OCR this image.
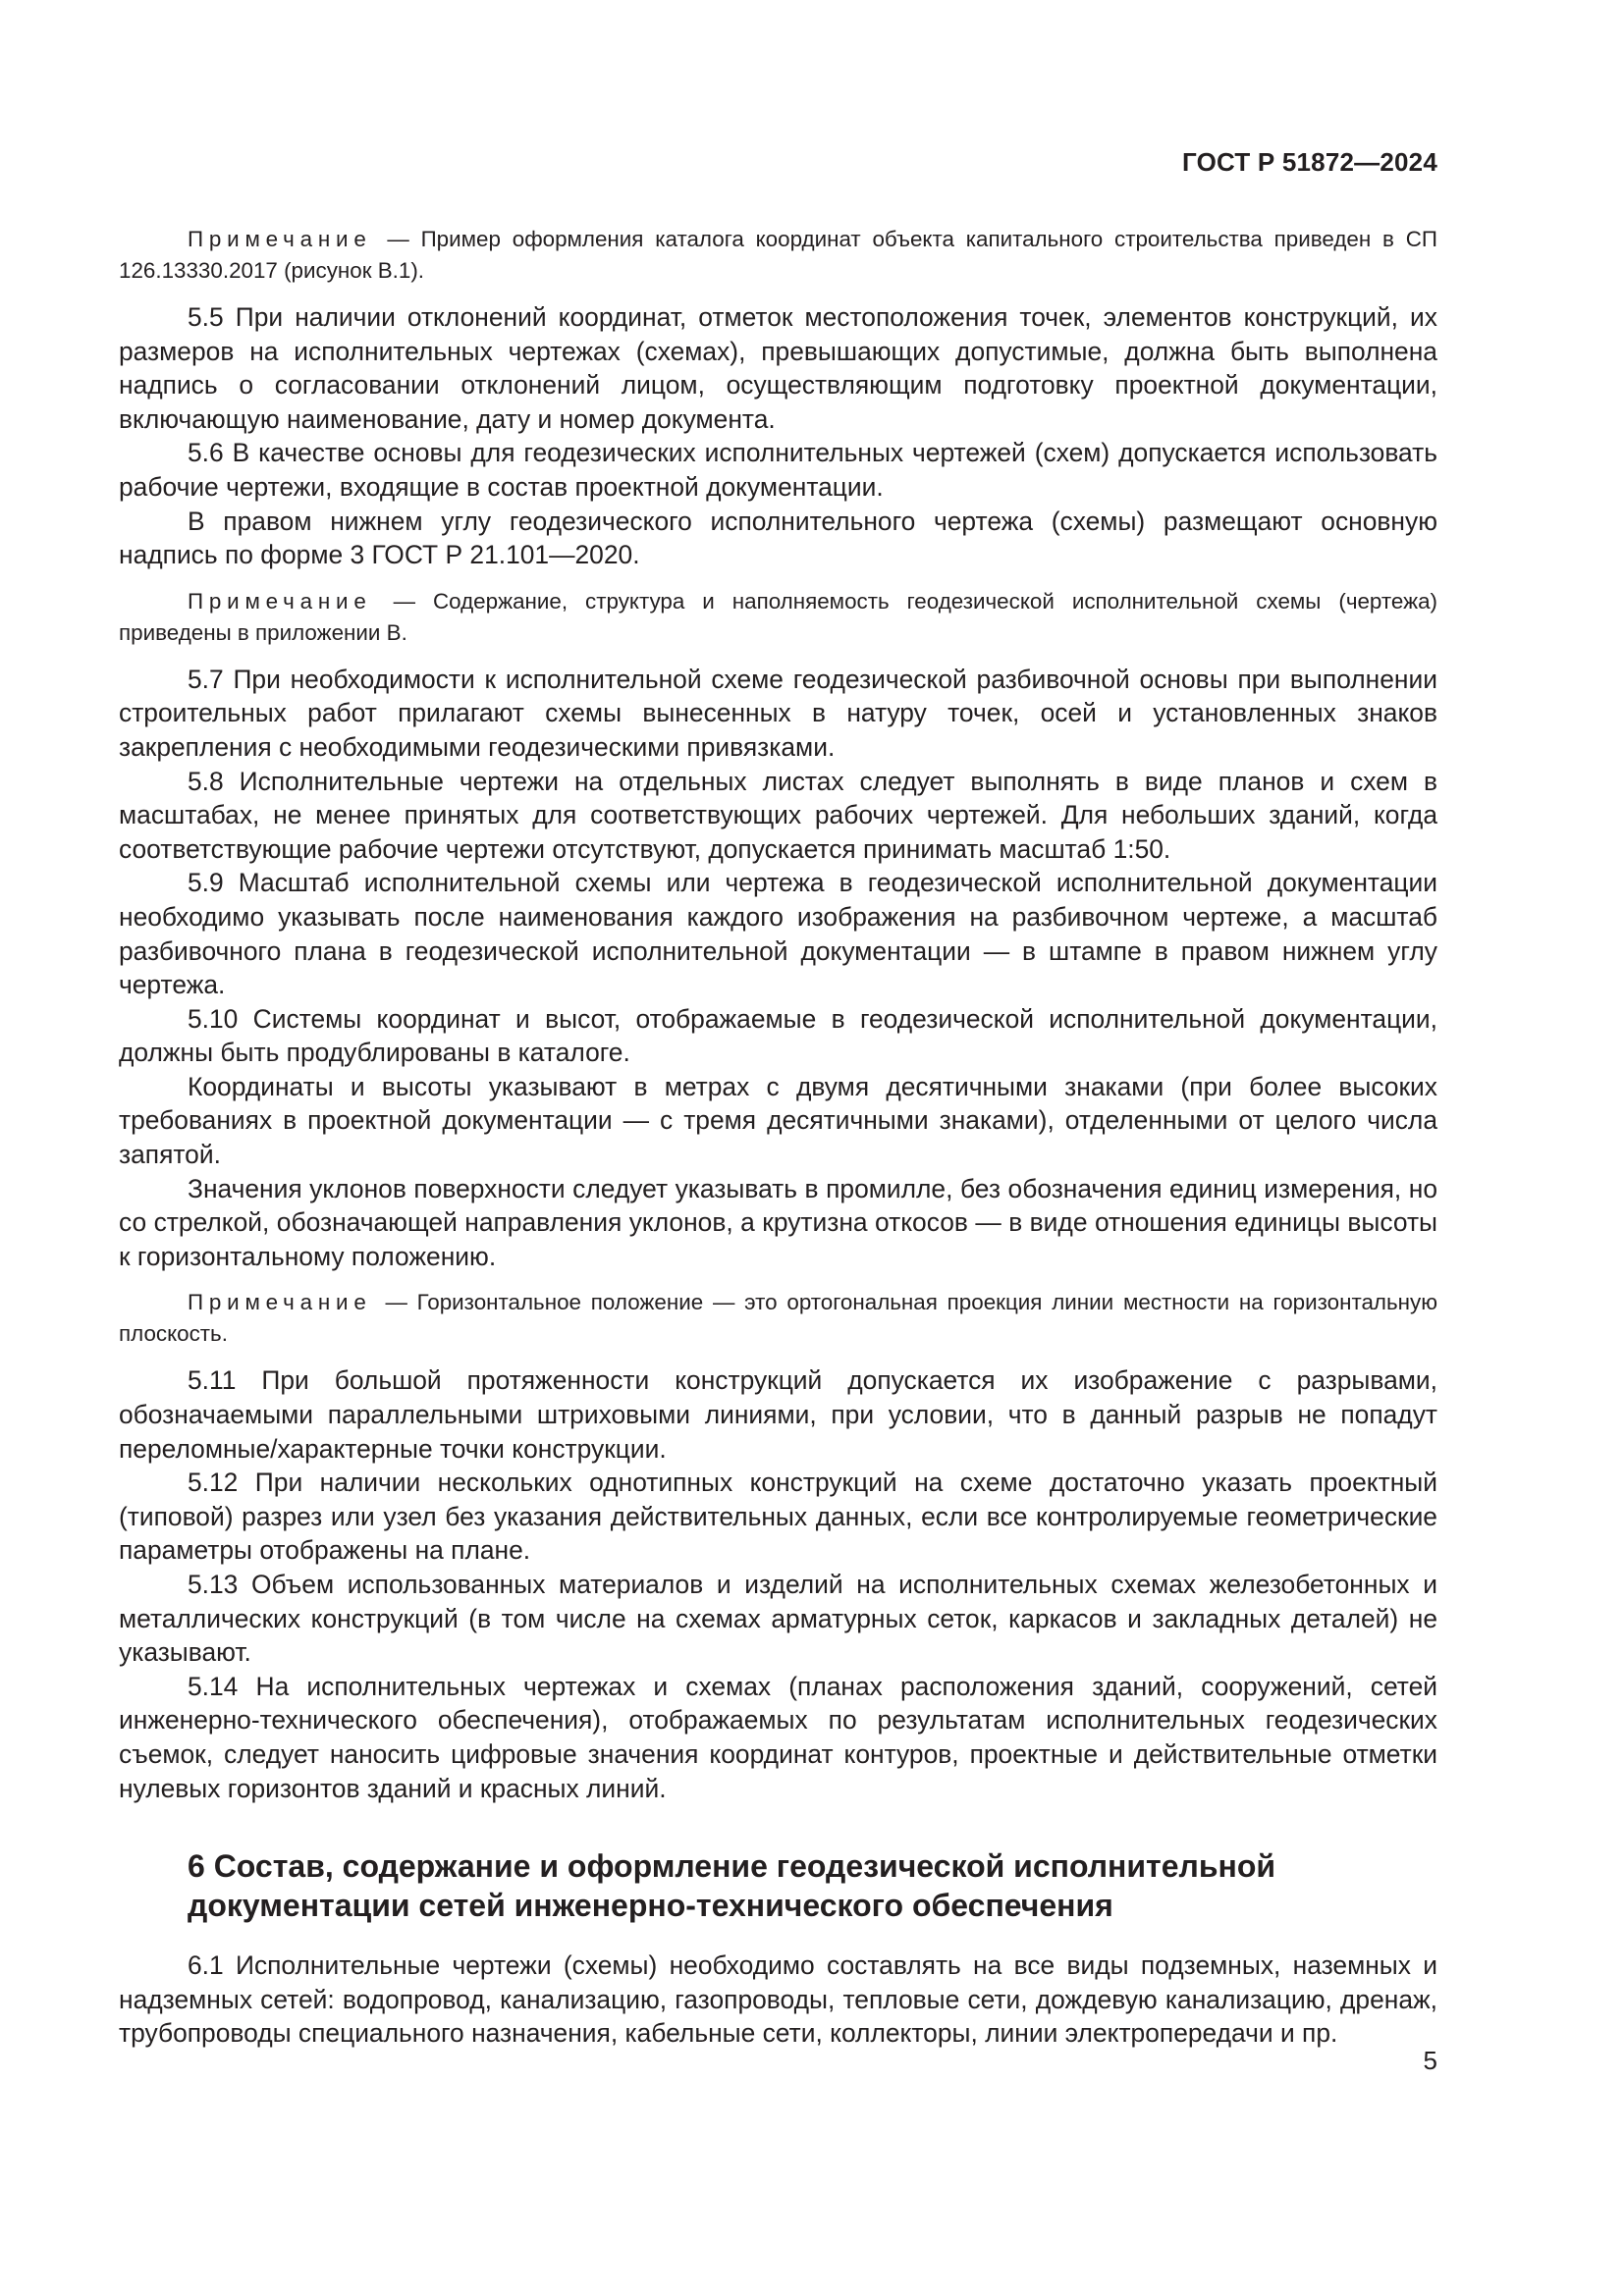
ГОСТ Р 51872—2024

Примечание — Пример оформления каталога координат объекта капитального строительства приведен в СП 126.13330.2017 (рисунок В.1).

5.5 При наличии отклонений координат, отметок местоположения точек, элементов конструкций, их размеров на исполнительных чертежах (схемах), превышающих допустимые, должна быть выполнена надпись о согласовании отклонений лицом, осуществляющим подготовку проектной документации, включающую наименование, дату и номер документа.

5.6 В качестве основы для геодезических исполнительных чертежей (схем) допускается использовать рабочие чертежи, входящие в состав проектной документации.

В правом нижнем углу геодезического исполнительного чертежа (схемы) размещают основную надпись по форме 3 ГОСТ Р 21.101—2020.

Примечание — Содержание, структура и наполняемость геодезической исполнительной схемы (чертежа) приведены в приложении В.

5.7 При необходимости к исполнительной схеме геодезической разбивочной основы при выполнении строительных работ прилагают схемы вынесенных в натуру точек, осей и установленных знаков закрепления с необходимыми геодезическими привязками.

5.8 Исполнительные чертежи на отдельных листах следует выполнять в виде планов и схем в масштабах, не менее принятых для соответствующих рабочих чертежей. Для небольших зданий, когда соответствующие рабочие чертежи отсутствуют, допускается принимать масштаб 1:50.

5.9 Масштаб исполнительной схемы или чертежа в геодезической исполнительной документации необходимо указывать после наименования каждого изображения на разбивочном чертеже, а масштаб разбивочного плана в геодезической исполнительной документации — в штампе в правом нижнем углу чертежа.

5.10 Системы координат и высот, отображаемые в геодезической исполнительной документации, должны быть продублированы в каталоге.

Координаты и высоты указывают в метрах с двумя десятичными знаками (при более высоких требованиях в проектной документации — с тремя десятичными знаками), отделенными от целого числа запятой.

Значения уклонов поверхности следует указывать в промилле, без обозначения единиц измерения, но со стрелкой, обозначающей направления уклонов, а крутизна откосов — в виде отношения единицы высоты к горизонтальному положению.

Примечание — Горизонтальное положение — это ортогональная проекция линии местности на горизонтальную плоскость.

5.11 При большой протяженности конструкций допускается их изображение с разрывами, обозначаемыми параллельными штриховыми линиями, при условии, что в данный разрыв не попадут переломные/характерные точки конструкции.

5.12 При наличии нескольких однотипных конструкций на схеме достаточно указать проектный (типовой) разрез или узел без указания действительных данных, если все контролируемые геометрические параметры отображены на плане.

5.13 Объем использованных материалов и изделий на исполнительных схемах железобетонных и металлических конструкций (в том числе на схемах арматурных сеток, каркасов и закладных деталей) не указывают.

5.14 На исполнительных чертежах и схемах (планах расположения зданий, сооружений, сетей инженерно-технического обеспечения), отображаемых по результатам исполнительных геодезических съемок, следует наносить цифровые значения координат контуров, проектные и действительные отметки нулевых горизонтов зданий и красных линий.

6 Состав, содержание и оформление геодезической исполнительной документации сетей инженерно-технического обеспечения

6.1 Исполнительные чертежи (схемы) необходимо составлять на все виды подземных, наземных и надземных сетей: водопровод, канализацию, газопроводы, тепловые сети, дождевую канализацию, дренаж, трубопроводы специального назначения, кабельные сети, коллекторы, линии электропередачи и пр.

5
